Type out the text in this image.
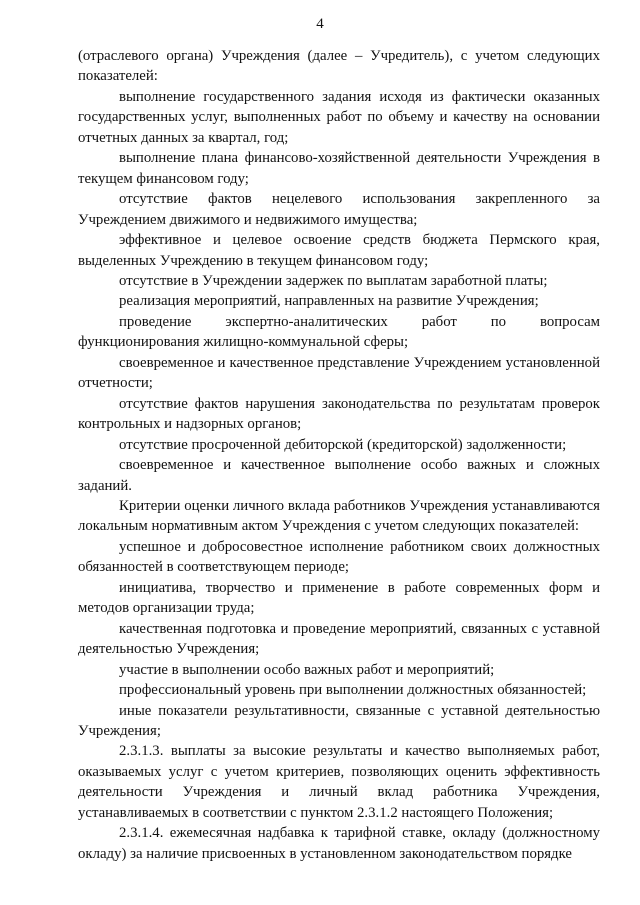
4

(отраслевого органа) Учреждения (далее – Учредитель), с учетом следующих показателей:

выполнение государственного задания исходя из фактически оказанных государственных услуг, выполненных работ по объему и качеству на основании отчетных данных за квартал, год;

выполнение плана финансово-хозяйственной деятельности Учреждения в текущем финансовом году;

отсутствие фактов нецелевого использования закрепленного за Учреждением движимого и недвижимого имущества;

эффективное и целевое освоение средств бюджета Пермского края, выделенных Учреждению в текущем финансовом году;

отсутствие в Учреждении задержек по выплатам заработной платы;

реализация мероприятий, направленных на развитие Учреждения;

проведение экспертно-аналитических работ по вопросам функционирования жилищно-коммунальной сферы;

своевременное и качественное представление Учреждением установленной отчетности;

отсутствие фактов нарушения законодательства по результатам проверок контрольных и надзорных органов;

отсутствие просроченной дебиторской (кредиторской) задолженности;

своевременное и качественное выполнение особо важных и сложных заданий.

Критерии оценки личного вклада работников Учреждения устанавливаются локальным нормативным актом Учреждения с учетом следующих показателей:

успешное и добросовестное исполнение работником своих должностных обязанностей в соответствующем периоде;

инициатива, творчество и применение в работе современных форм и методов организации труда;

качественная подготовка и проведение мероприятий, связанных с уставной деятельностью Учреждения;

участие в выполнении особо важных работ и мероприятий;

профессиональный уровень при выполнении должностных обязанностей;

иные показатели результативности, связанные с уставной деятельностью Учреждения;

2.3.1.3. выплаты за высокие результаты и качество выполняемых работ, оказываемых услуг с учетом критериев, позволяющих оценить эффективность деятельности Учреждения и личный вклад работника Учреждения, устанавливаемых в соответствии с пунктом 2.3.1.2 настоящего Положения;

2.3.1.4. ежемесячная надбавка к тарифной ставке, окладу (должностному окладу) за наличие присвоенных в установленном законодательством порядке
